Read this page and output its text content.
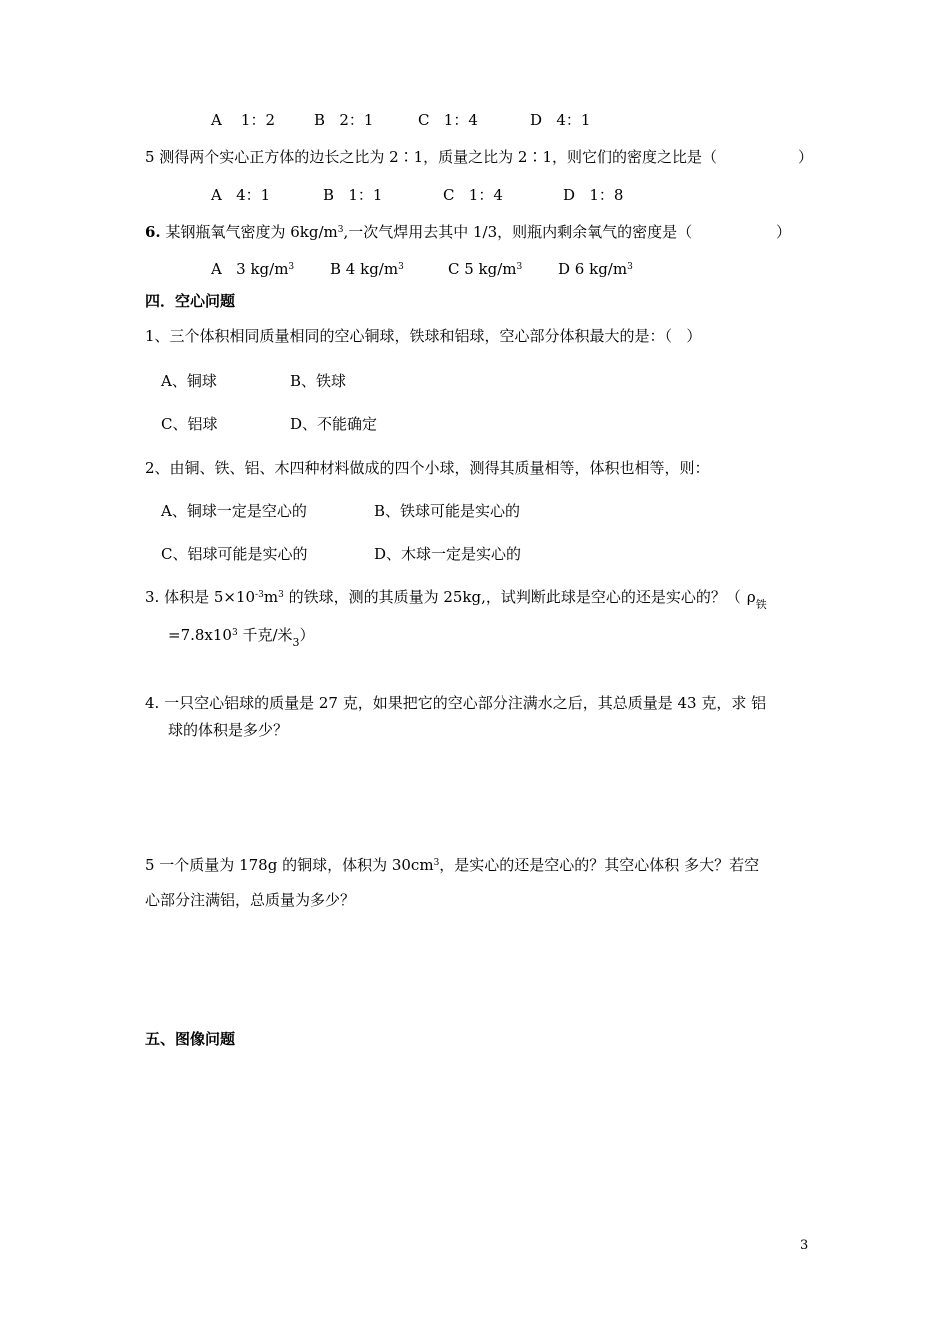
A    1：2	B   2：1	C   1：4	D   4：1
5 测得两个实心正方体的边长之比为 2∶1，质量之比为 2∶1，则它们的密度之比是（	）
A   4：1	B   1：1	C   1：4	D   1：8
6. 某钢瓶氧气密度为 $6kg/m^3$,一次气焊用去其中 1/3，则瓶内剩余氧气的密度是（	）
A   3 $kg/m^3$ B 4 $kg/m^3$	C 5 $kg/m^3$ D 6 $kg/m^3$
四．空心问题
1、三个体积相同质量相同的空心铜球，铁球和铝球，空心部分体积最大的是：（   ）
A、铜球	B、铁球
C、铝球	D、不能确定
2、由铜、铁、铝、木四种材料做成的四个小球，测得其质量相等，体积也相等，则：
A、铜球一定是空心的	B、铁球可能是实心的
C、铝球可能是实心的	D、木球一定是实心的
3. 体积是 $5\times 10^{-3}m^3$ 的铁球，测的其质量为 25kg,，试判断此球是空心的还是实心的？（ $\rho_铁$
$=7.8x10^3$ 千克/米$_3$）
4. 一只空心铝球的质量是 27 克，如果把它的空心部分注满水之后，其总质量是 43 克，求 铝
球的体积是多少？
5 一个质量为 178g 的铜球，体积为 $30cm^3$，是实心的还是空心的？其空心体积 多大？若空
心部分注满铝，总质量为多少？
五、图像问题
3
